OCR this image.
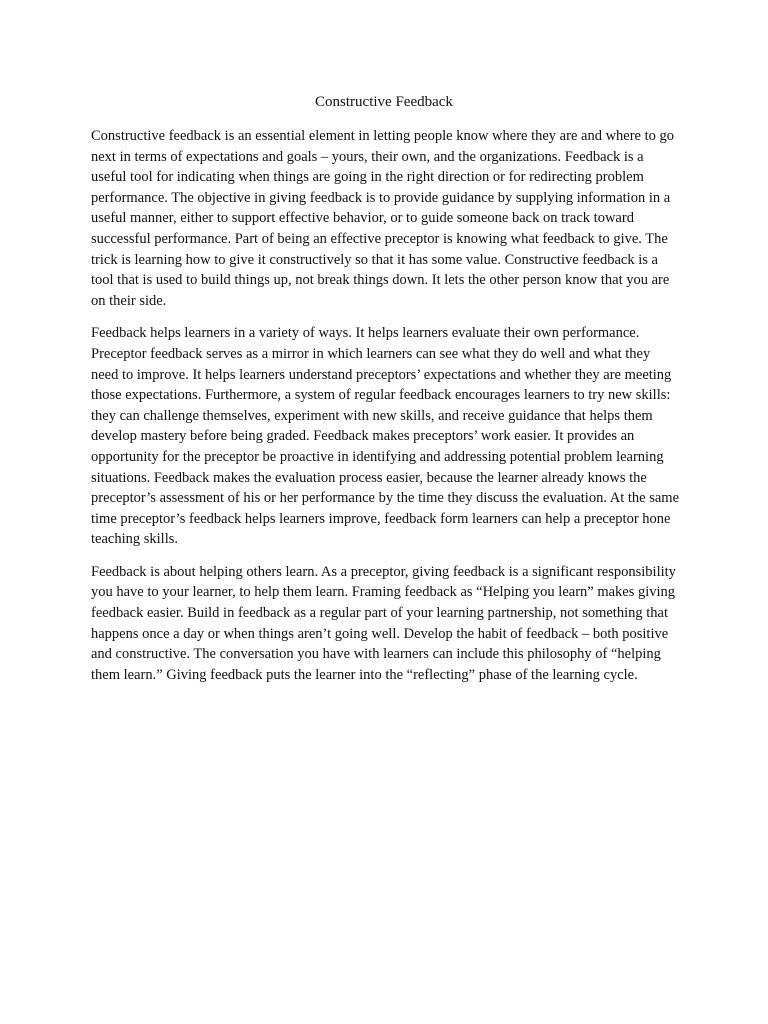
Constructive Feedback

Constructive feedback is an essential element in letting people know where they are and where to go next in terms of expectations and goals – yours, their own, and the organizations. Feedback is a useful tool for indicating when things are going in the right direction or for redirecting problem performance. The objective in giving feedback is to provide guidance by supplying information in a useful manner, either to support effective behavior, or to guide someone back on track toward successful performance. Part of being an effective preceptor is knowing what feedback to give. The trick is learning how to give it constructively so that it has some value. Constructive feedback is a tool that is used to build things up, not break things down. It lets the other person know that you are on their side.

Feedback helps learners in a variety of ways. It helps learners evaluate their own performance. Preceptor feedback serves as a mirror in which learners can see what they do well and what they need to improve. It helps learners understand preceptors’ expectations and whether they are meeting those expectations. Furthermore, a system of regular feedback encourages learners to try new skills: they can challenge themselves, experiment with new skills, and receive guidance that helps them develop mastery before being graded. Feedback makes preceptors’ work easier. It provides an opportunity for the preceptor be proactive in identifying and addressing potential problem learning situations. Feedback makes the evaluation process easier, because the learner already knows the preceptor’s assessment of his or her performance by the time they discuss the evaluation. At the same time preceptor’s feedback helps learners improve, feedback form learners can help a preceptor hone teaching skills.

Feedback is about helping others learn. As a preceptor, giving feedback is a significant responsibility you have to your learner, to help them learn. Framing feedback as “Helping you learn” makes giving feedback easier. Build in feedback as a regular part of your learning partnership, not something that happens once a day or when things aren’t going well. Develop the habit of feedback – both positive and constructive. The conversation you have with learners can include this philosophy of “helping them learn.” Giving feedback puts the learner into the “reflecting” phase of the learning cycle.
